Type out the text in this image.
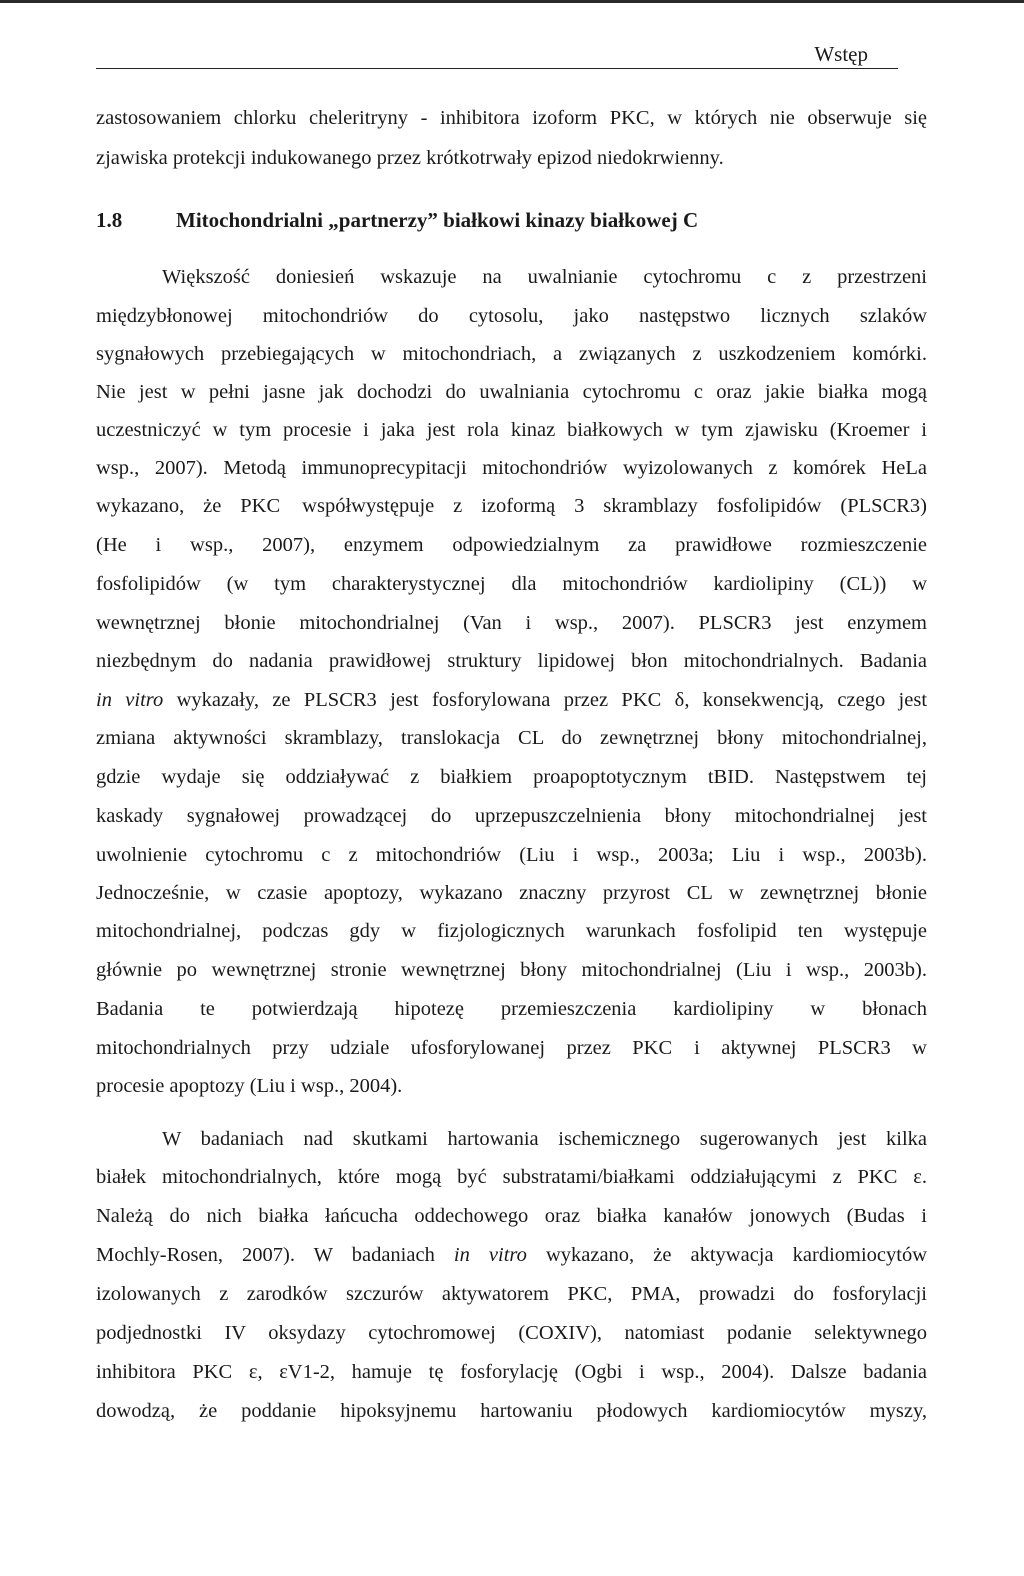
Wstęp
zastosowaniem chlorku cheleritryny - inhibitora izoform PKC, w których nie obserwuje się
zjawiska protekcji indukowanego przez krótkotrwały epizod niedokrwienny.
1.8	Mitochondrialni „partnerzy” białkowi kinazy białkowej C
Większość doniesień wskazuje na uwalnianie cytochromu c z przestrzeni
międzybłonowej mitochondriów do cytosolu, jako następstwo licznych szlaków
sygnałowych przebiegających w mitochondriach, a związanych z uszkodzeniem komórki.
Nie jest w pełni jasne jak dochodzi do uwalniania cytochromu c oraz jakie białka mogą
uczestniczyć w tym procesie i jaka jest rola kinaz białkowych w tym zjawisku (Kroemer i
wsp., 2007). Metodą immunoprecypitacji mitochondriów wyizolowanych z komórek HeLa
wykazano, że PKC współwystępuje z izoformą 3 skramblazy fosfolipidów (PLSCR3)
(He i wsp., 2007), enzymem odpowiedzialnym za prawidłowe rozmieszczenie
fosfolipidów (w tym charakterystycznej dla mitochondriów kardiolipiny (CL)) w
wewnętrznej błonie mitochondrialnej (Van i wsp., 2007). PLSCR3 jest enzymem
niezbędnym do nadania prawidłowej struktury lipidowej błon mitochondrialnych. Badania
in vitro wykazały, ze PLSCR3 jest fosforylowana przez PKC δ, konsekwencją, czego jest
zmiana aktywności skramblazy, translokacja CL do zewnętrznej błony mitochondrialnej,
gdzie wydaje się oddziaływać z białkiem proapoptotycznym tBID. Następstwem tej
kaskady sygnałowej prowadzącej do uprzepuszczelnienia błony mitochondrialnej jest
uwolnienie cytochromu c z mitochondriów (Liu i wsp., 2003a; Liu i wsp., 2003b).
Jednocześnie, w czasie apoptozy, wykazano znaczny przyrost CL w zewnętrznej błonie
mitochondrialnej, podczas gdy w fizjologicznych warunkach fosfolipid ten występuje
głównie po wewnętrznej stronie wewnętrznej błony mitochondrialnej (Liu i wsp., 2003b).
Badania te potwierdzają hipotezę przemieszczenia kardiolipiny w błonach
mitochondrialnych przy udziale ufosforylowanej przez PKC i aktywnej PLSCR3 w
procesie apoptozy (Liu i wsp., 2004).
W badaniach nad skutkami hartowania ischemicznego sugerowanych jest kilka
białek mitochondrialnych, które mogą być substratami/białkami oddziałującymi z PKC ε.
Należą do nich białka łańcucha oddechowego oraz białka kanałów jonowych (Budas i
Mochly-Rosen, 2007). W badaniach in vitro wykazano, że aktywacja kardiomiocytów
izolowanych z zarodków szczurów aktywatorem PKC, PMA, prowadzi do fosforylacji
podjednostki IV oksydazy cytochromowej (COXIV), natomiast podanie selektywnego
inhibitora PKC ε, εV1-2, hamuje tę fosforylację (Ogbi i wsp., 2004). Dalsze badania
dowodzą, że poddanie hipoksyjnemu hartowaniu płodowych kardiomiocytów myszy,
